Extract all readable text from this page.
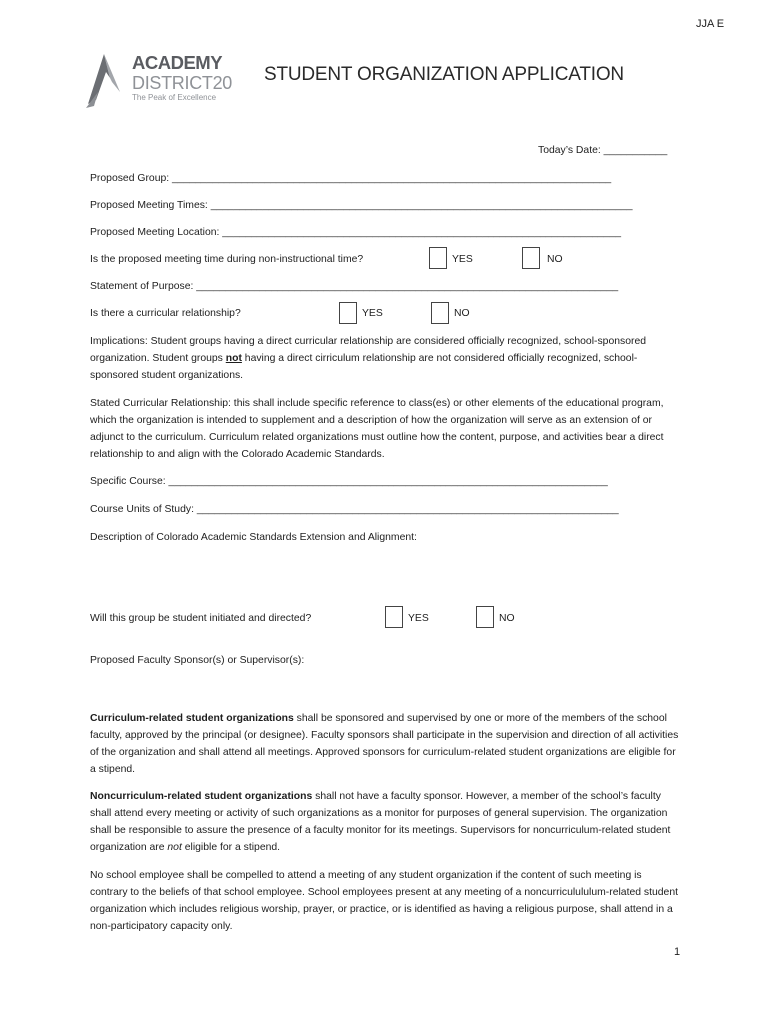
JJA E
ACADEMY
DISTRICT20
The Peak of Excellence
STUDENT ORGANIZATION APPLICATION
Today’s Date: ___________
Proposed Group: ____________________________________________________________________________
Proposed Meeting Times: _________________________________________________________________________
Proposed Meeting Location: _____________________________________________________________________
Is the proposed meeting time during non-instructional time?	YES	NO
Statement of Purpose: _________________________________________________________________________
Is there a curricular relationship?	YES	NO

Implications: Student groups having a direct curricular relationship are considered officially recognized, school-sponsored organization. Student groups not having a direct cirriculum relationship are not considered officially recognized, school-sponsored student organizations.

Stated Curricular Relationship: this shall include specific reference to class(es) or other elements of the educational program, which the organization is intended to supplement and a description of how the organization will serve as an extension of or adjunct to the curriculum. Curriculum related organizations must outline how the content, purpose, and activities bear a direct relationship to and align with the Colorado Academic Standards.

Specific Course: ____________________________________________________________________________
Course Units of Study: _________________________________________________________________________
Description of Colorado Academic Standards Extension and Alignment:
Will this group be student initiated and directed?	YES	NO
Proposed Faculty Sponsor(s) or Supervisor(s):

Curriculum-related student organizations shall be sponsored and supervised by one or more of the members of the school faculty, approved by the principal (or designee). Faculty sponsors shall participate in the supervision and direction of all activities of the organization and shall attend all meetings. Approved sponsors for curriculum-related student organizations are eligible for a stipend.

Noncurriculum-related student organizations shall not have a faculty sponsor. However, a member of the school’s faculty shall attend every meeting or activity of such organizations as a monitor for purposes of general supervision. The organization shall be responsible to assure the presence of a faculty monitor for its meetings. Supervisors for noncurriculum-related student organization are not eligible for a stipend.

No school employee shall be compelled to attend a meeting of any student organization if the content of such meeting is contrary to the beliefs of that school employee. School employees present at any meeting of a noncurriculululum-related student organization which includes religious worship, prayer, or practice, or is identified as having a religious purpose, shall attend in a non-participatory capacity only.

1
